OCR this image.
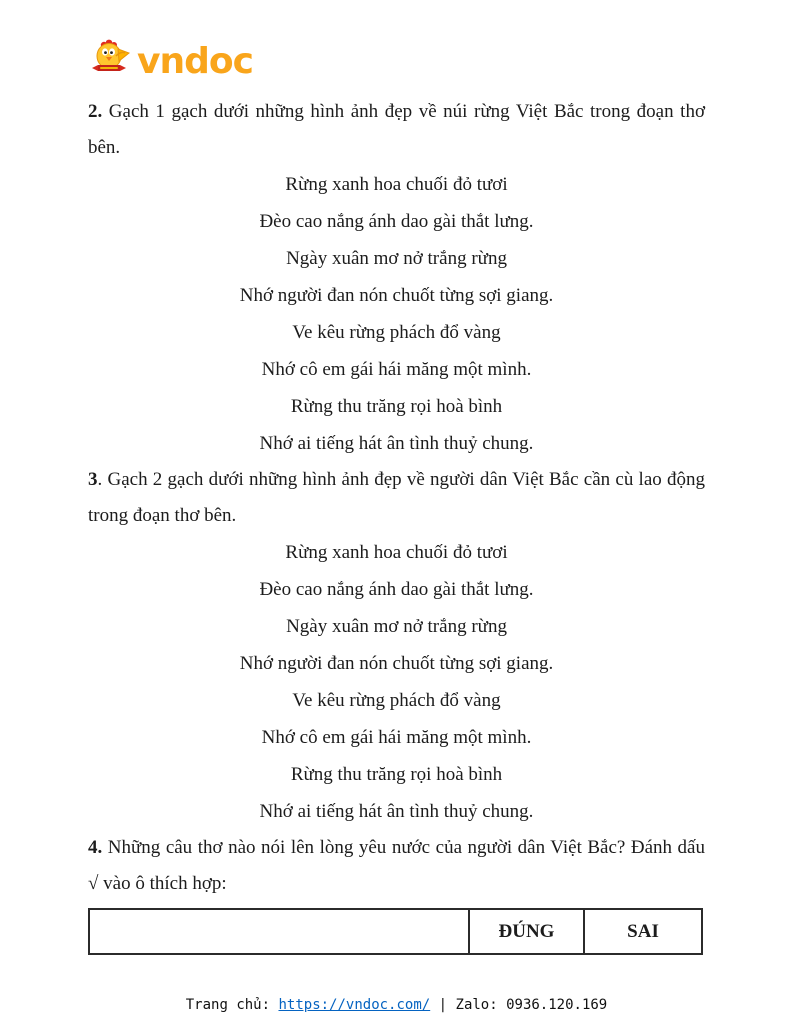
vndoc

2. Gạch 1 gạch dưới những hình ảnh đẹp về núi rừng Việt Bắc trong đoạn thơ bên.

Rừng xanh hoa chuối đỏ tươi
Đèo cao nắng ánh dao gài thắt lưng.
Ngày xuân mơ nở trắng rừng
Nhớ người đan nón chuốt từng sợi giang.
Ve kêu rừng phách đổ vàng
Nhớ cô em gái hái măng một mình.
Rừng thu trăng rọi hoà bình
Nhớ ai tiếng hát ân tình thuỷ chung.

3. Gạch 2 gạch dưới những hình ảnh đẹp về người dân Việt Bắc cần cù lao động trong đoạn thơ bên.

Rừng xanh hoa chuối đỏ tươi
Đèo cao nắng ánh dao gài thắt lưng.
Ngày xuân mơ nở trắng rừng
Nhớ người đan nón chuốt từng sợi giang.
Ve kêu rừng phách đổ vàng
Nhớ cô em gái hái măng một mình.
Rừng thu trăng rọi hoà bình
Nhớ ai tiếng hát ân tình thuỷ chung.

4. Những câu thơ nào nói lên lòng yêu nước của người dân Việt Bắc? Đánh dấu √ vào ô thích hợp:

	ĐÚNG	SAI
Trang chủ: https://vndoc.com/ | Zalo: 0936.120.169
